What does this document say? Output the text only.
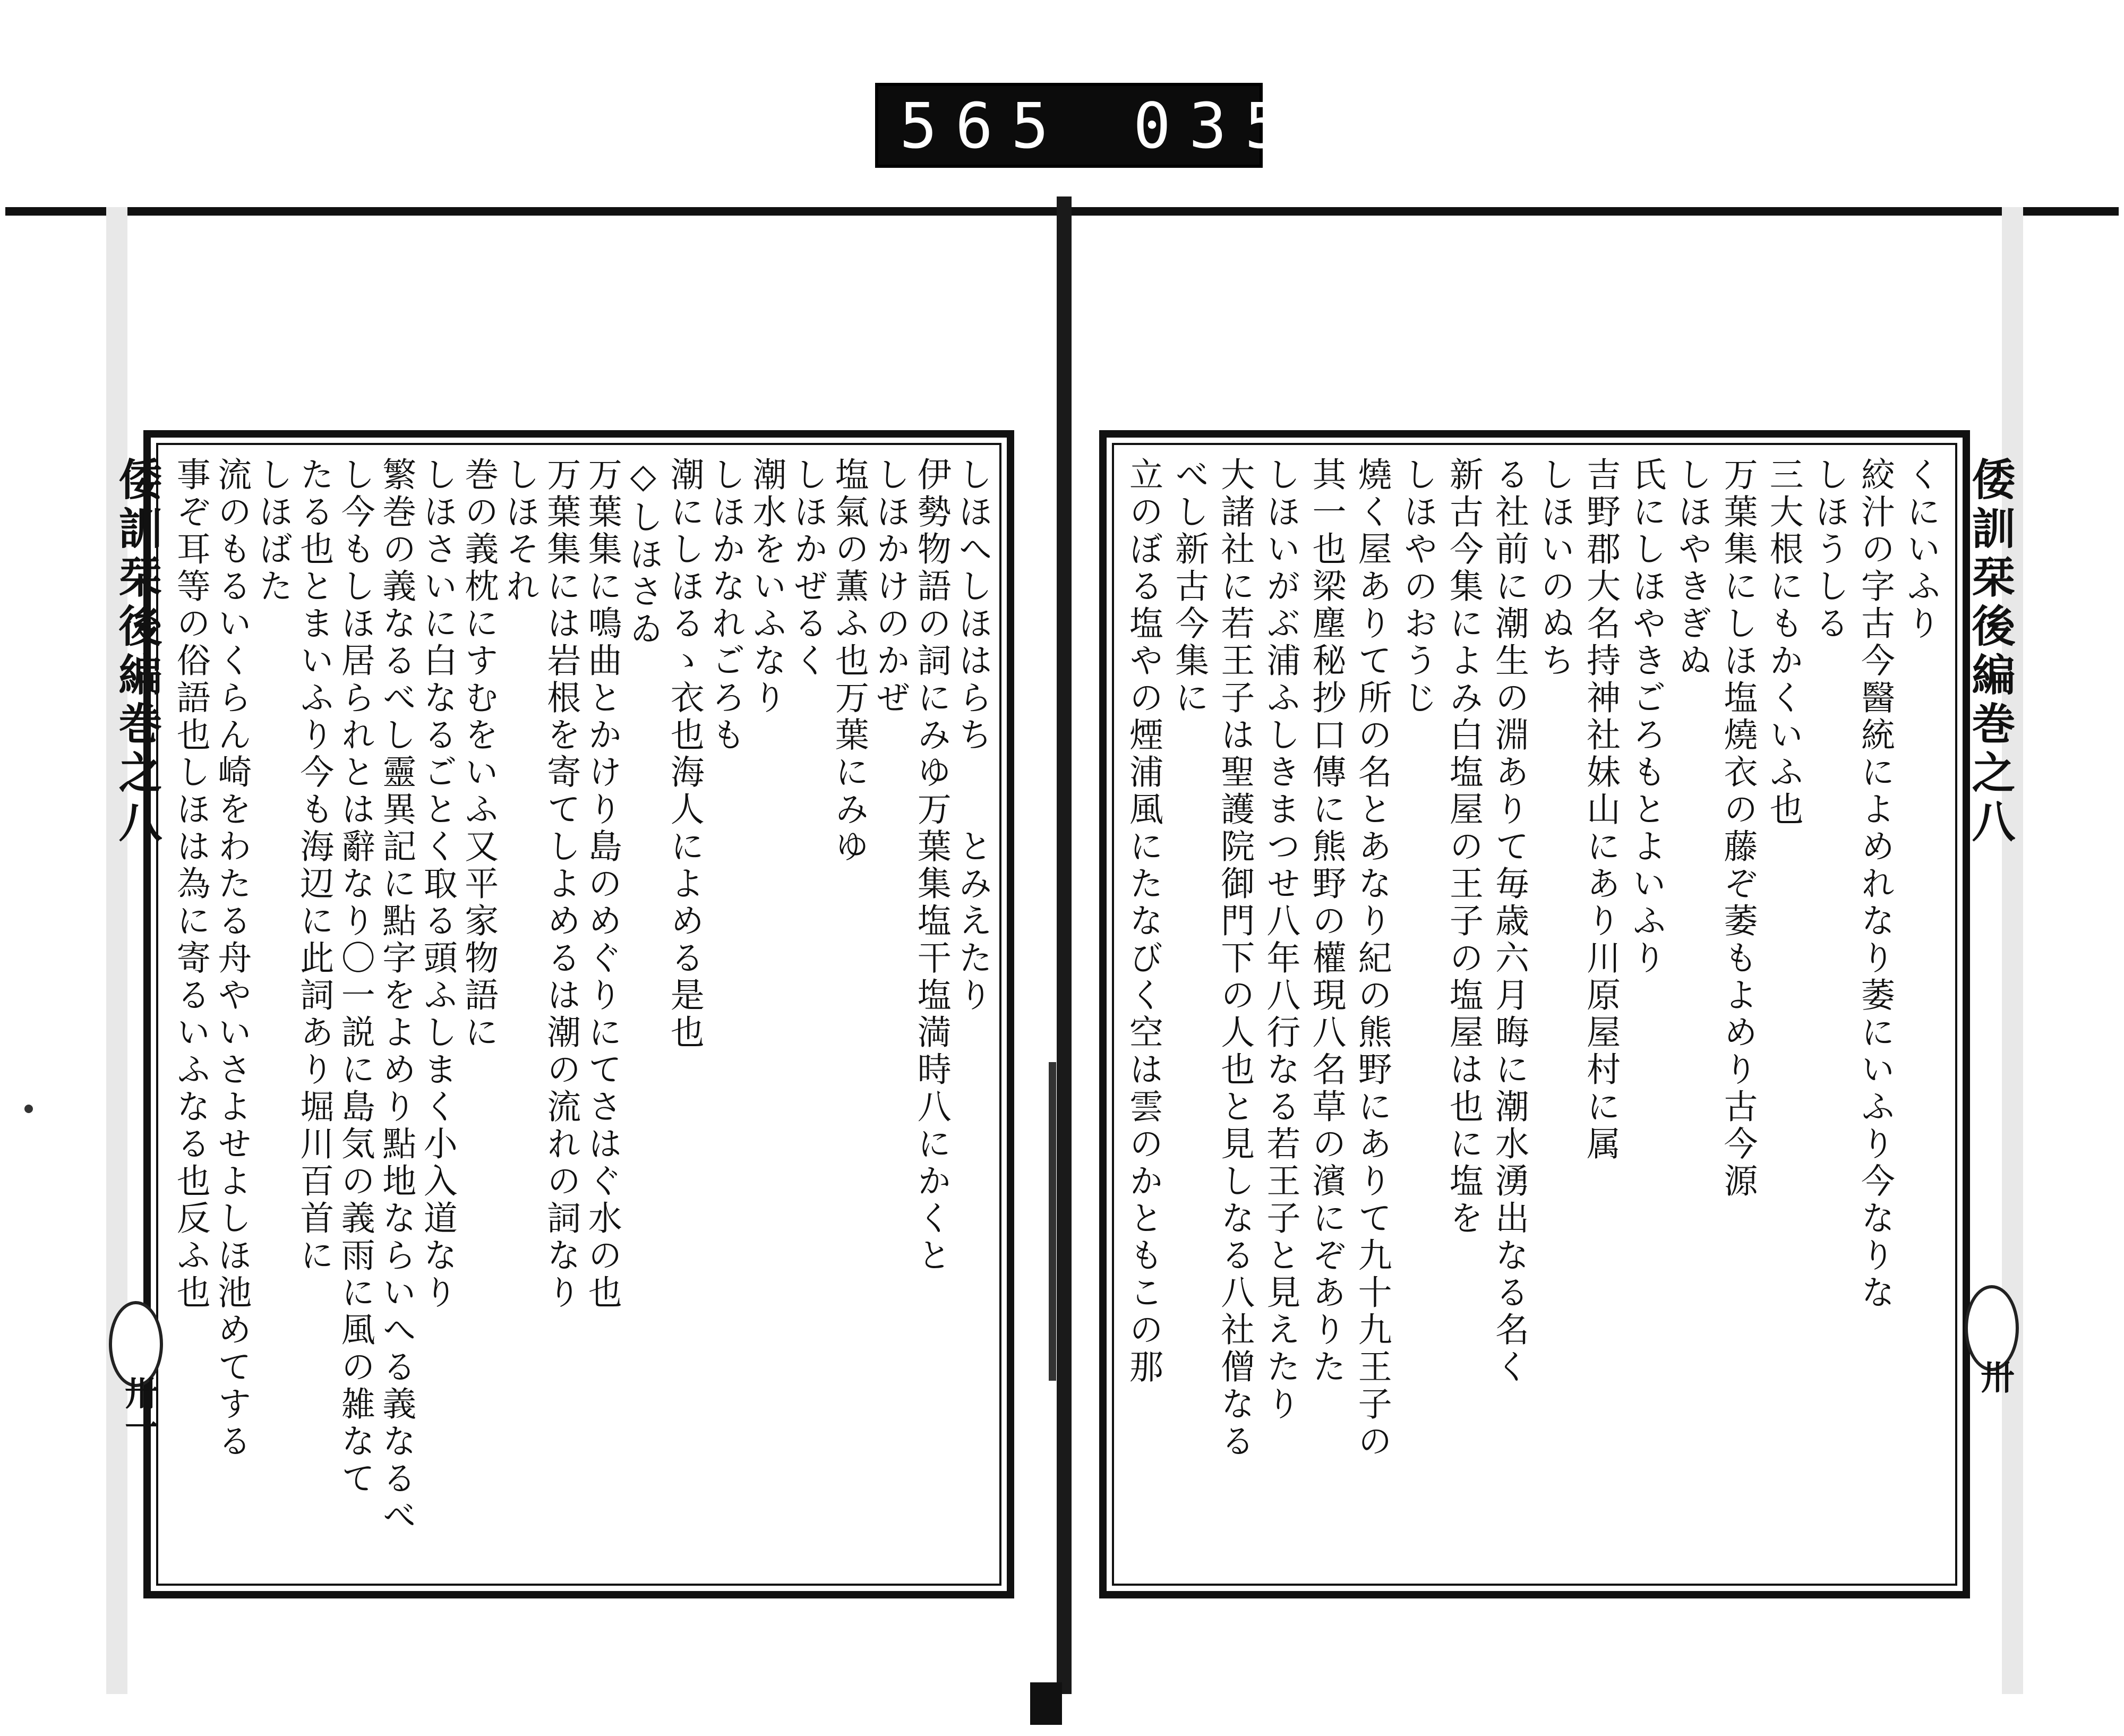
565 035.
倭訓栞後編巻之八
卅一
しほへしほはらち　　とみえたり
伊勢物語の詞にみゆ万葉集塩干塩満時八にかくと
しほかけのかぜ
塩氣の薫ふ也万葉にみゆ
しほかぜるく
潮水をいふなり
しほかなれごろも
潮にしほるゝ衣也海人によめる是也
◇しほさゐ
万葉集に鳴曲とかけり島のめぐりにてさはぐ水の也
万葉集には岩根を寄てしよめるは潮の流れの詞なり
しほそれ
巻の義枕にすむをいふ又平家物語に
しほさいに白なるごとく取る頭ふしまく小入道なり
繁巻の義なるべし靈異記に點字をよめり點地ならいへる義なるべ
し今もしほ居られとは辭なり〇一説に島気の義雨に風の雑なて
たる也とまいふり今も海辺に此詞あり堀川百首に
しほばた
流のもるいくらん崎をわたる舟やいさよせよしほ池めてする
事ぞ耳等の俗語也しほは為に寄るいふなる也反ふ也	倭訓栞後編巻之八
卅
くにいふり
絞汁の字古今醫統によめれなり萎にいふり今なりな
しほうしる
三大根にもかくいふ也
万葉集にしほ塩燒衣の藤ぞ萎もよめり古今源
しほやきぎぬ
氏にしほやきごろもとよいふり
吉野郡大名持神社妹山にあり川原屋村に属
しほいのぬち
る社前に潮生の淵ありて毎歳六月晦に潮水湧出なる名く
新古今集によみ白塩屋の王子の塩屋は也に塩を
しほやのおうじ
燒く屋ありて所の名とあなり紀の熊野にありて九十九王子の
其一也梁塵秘抄口傳に熊野の權現八名草の濱にぞありた
しほいがぶ浦ふしきまつせ八年八行なる若王子と見えたり
大諸社に若王子は聖護院御門下の人也と見しなる八社僧なる
べし新古今集に
立のぼる塩やの煙浦風にたなびく空は雲のかともこの那
